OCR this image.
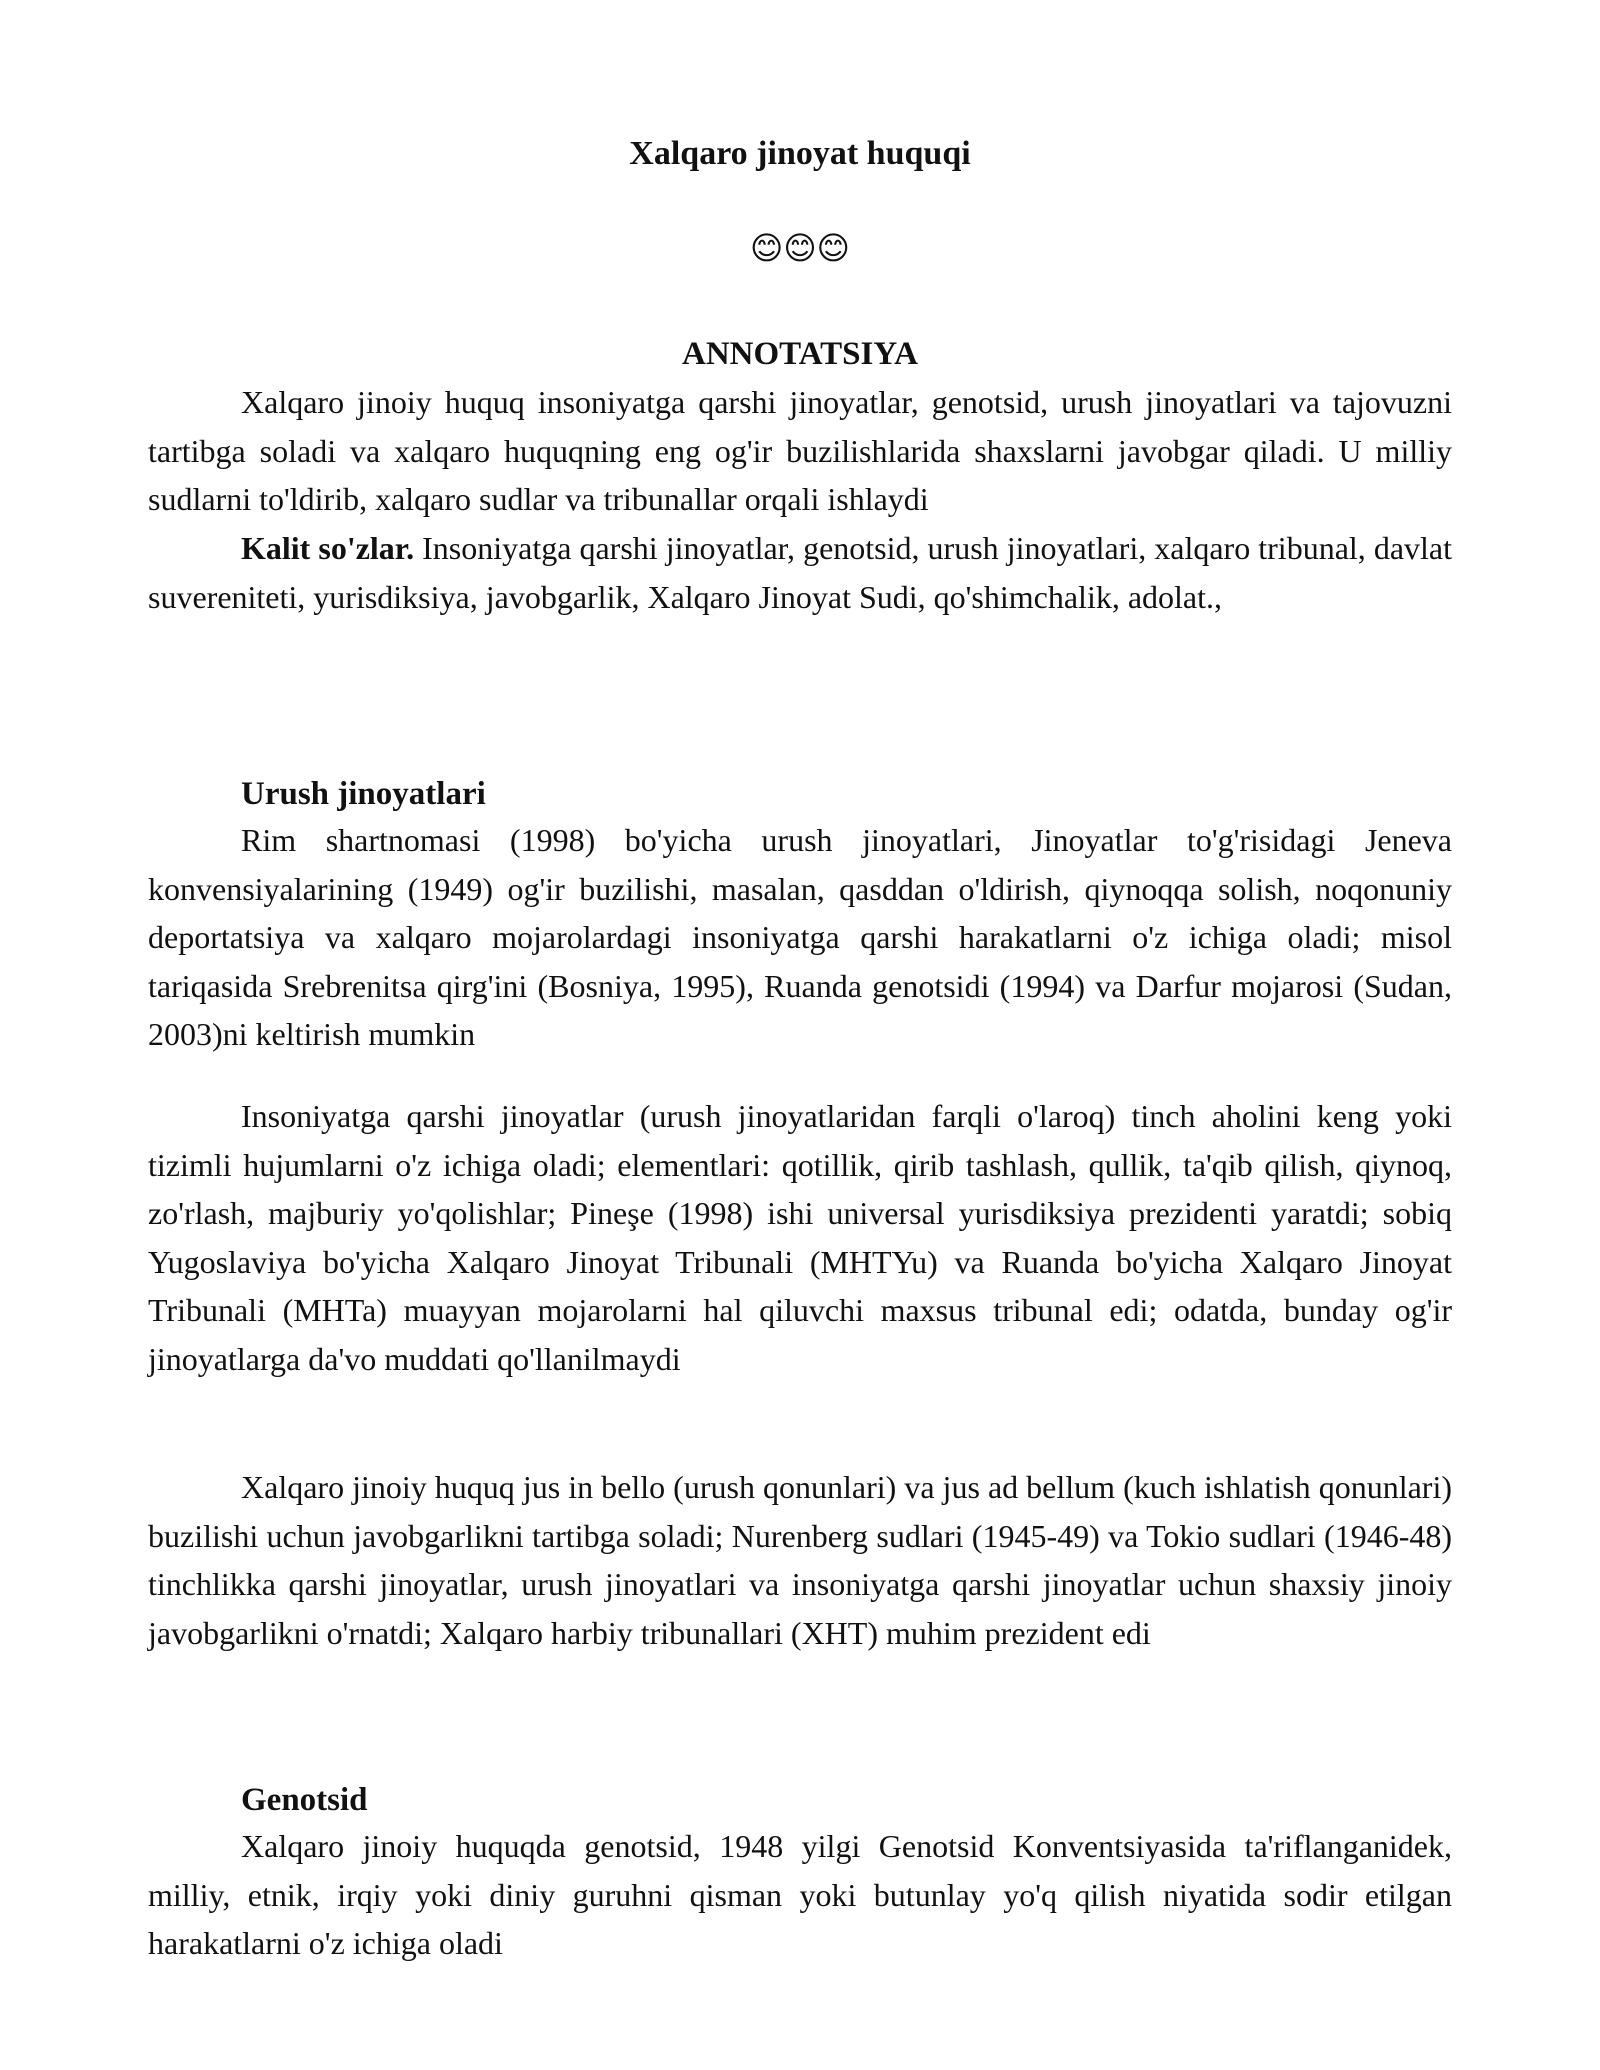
Xalqaro jinoyat huquqi
😊😊😊
ANNOTATSIYA

Xalqaro jinoiy huquq insoniyatga qarshi jinoyatlar, genotsid, urush jinoyatlari va tajovuzni tartibga soladi va xalqaro huquqning eng og'ir buzilishlarida shaxslarni javobgar qiladi. U milliy sudlarni to'ldirib, xalqaro sudlar va tribunallar orqali ishlaydi

Kalit so'zlar. Insoniyatga qarshi jinoyatlar, genotsid, urush jinoyatlari, xalqaro tribunal, davlat suvereniteti, yurisdiksiya, javobgarlik, Xalqaro Jinoyat Sudi, qo'shimchalik, adolat.,

Urush jinoyatlari

Rim shartnomasi (1998) bo'yicha urush jinoyatlari, Jinoyatlar to'g'risidagi Jeneva konvensiyalarining (1949) og'ir buzilishi, masalan, qasddan o'ldirish, qiynoqqa solish, noqonuniy deportatsiya va xalqaro mojarolardagi insoniyatga qarshi harakatlarni o'z ichiga oladi; misol tariqasida Srebrenitsa qirg'ini (Bosniya, 1995), Ruanda genotsidi (1994) va Darfur mojarosi (Sudan, 2003)ni keltirish mumkin

Insoniyatga qarshi jinoyatlar (urush jinoyatlaridan farqli o'laroq) tinch aholini keng yoki tizimli hujumlarni o'z ichiga oladi; elementlari: qotillik, qirib tashlash, qullik, ta'qib qilish, qiynoq, zo'rlash, majburiy yo'qolishlar; Pineşe (1998) ishi universal yurisdiksiya prezidenti yaratdi; sobiq Yugoslaviya bo'yicha Xalqaro Jinoyat Tribunali (MHTYu) va Ruanda bo'yicha Xalqaro Jinoyat Tribunali (MHTa) muayyan mojarolarni hal qiluvchi maxsus tribunal edi; odatda, bunday og'ir jinoyatlarga da'vo muddati qo'llanilmaydi

Xalqaro jinoiy huquq jus in bello (urush qonunlari) va jus ad bellum (kuch ishlatish qonunlari) buzilishi uchun javobgarlikni tartibga soladi; Nurenberg sudlari (1945-49) va Tokio sudlari (1946-48) tinchlikka qarshi jinoyatlar, urush jinoyatlari va insoniyatga qarshi jinoyatlar uchun shaxsiy jinoiy javobgarlikni o'rnatdi; Xalqaro harbiy tribunallari (XHT) muhim prezident edi

Genotsid

Xalqaro jinoiy huquqda genotsid, 1948 yilgi Genotsid Konventsiyasida ta'riflanganidek, milliy, etnik, irqiy yoki diniy guruhni qisman yoki butunlay yo'q qilish niyatida sodir etilgan harakatlarni o'z ichiga oladi
